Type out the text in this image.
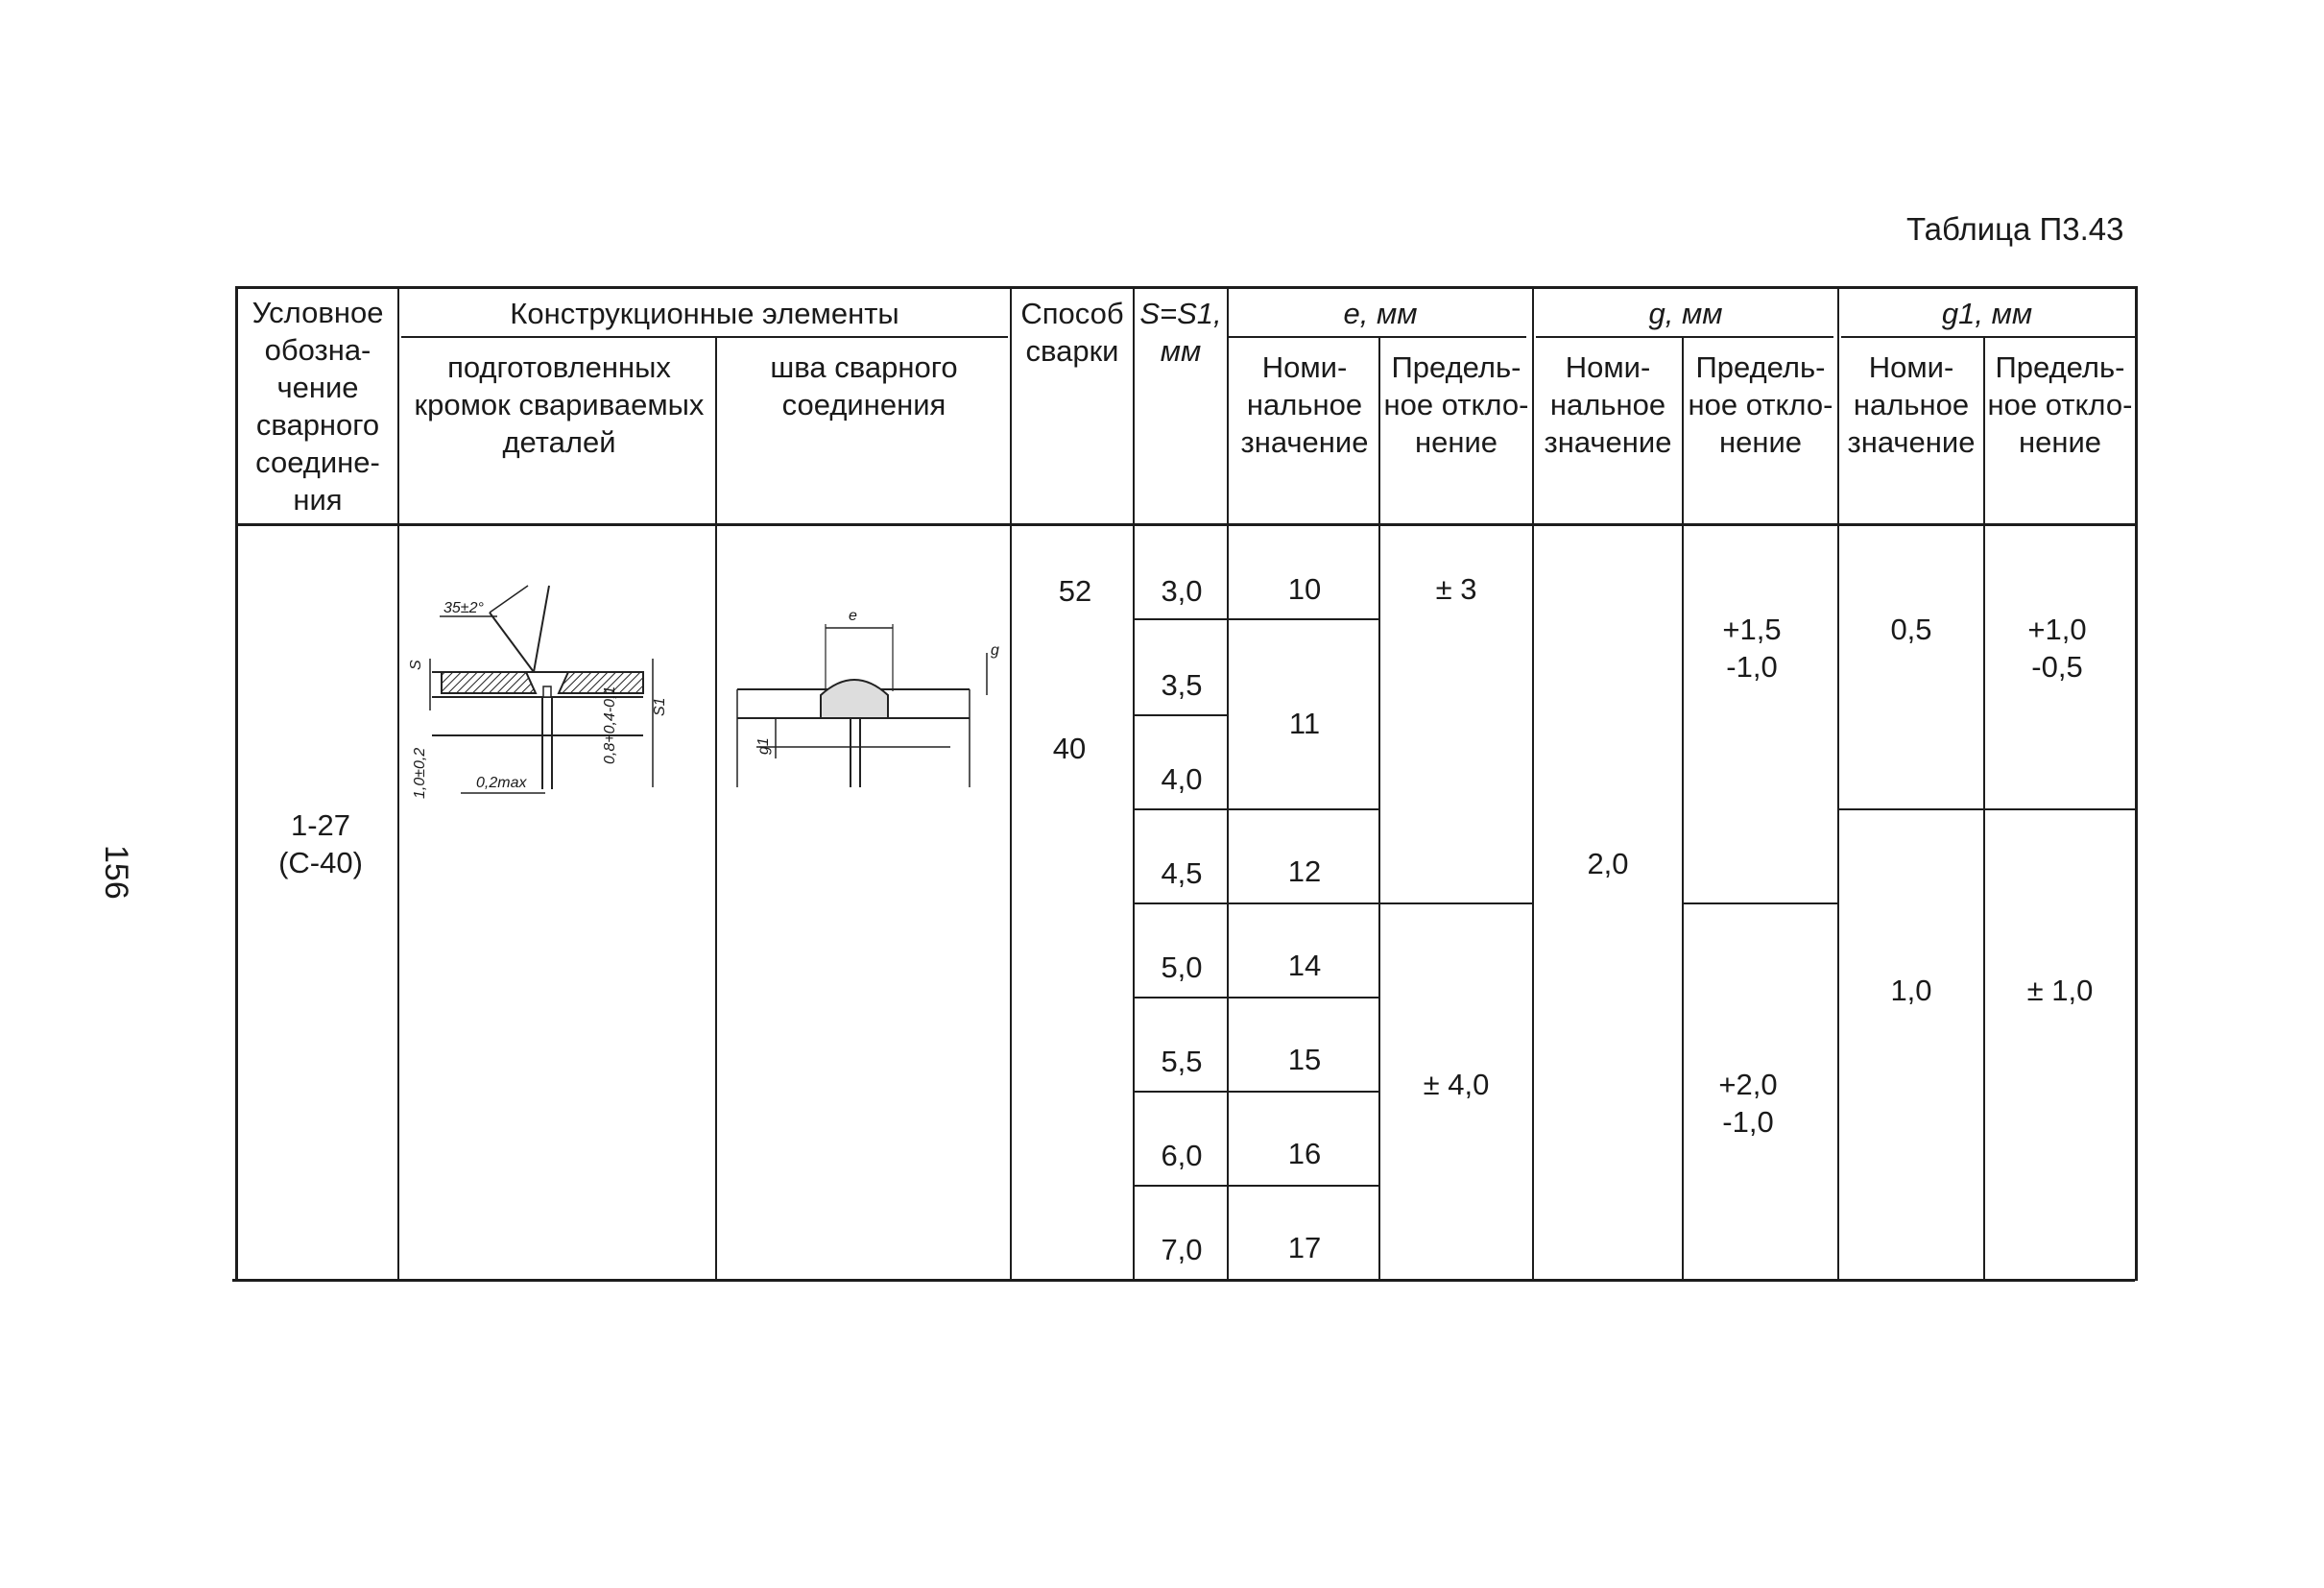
156
Таблица П3.43
Условное обозна- чение сварного соедине- ния
Конструкционные элементы
подготовленных кромок свариваемых деталей
шва сварного соединения
Способ сварки
S=S1, мм
e, мм	g, мм	g1, мм
Номи- нальное значение
Предель- ное откло- нение
Номи- нальное значение
Предель- ное откло- нение
Номи- нальное значение
Предель- ное откло- нение
1-27 (С-40)
52
40
3,0
3,5
4,0
4,5
5,0
5,5
6,0
7,0
10
11
12
14
15
16
17
± 3
± 4,0
2,0
+1,5 -1,0
+2,0 -1,0
0,5
1,0
+1,0 -0,5
± 1,0
35±2°
S
1,0±0,2
0,8+0,4-0,1 S1
0,2max
e
g
g1
